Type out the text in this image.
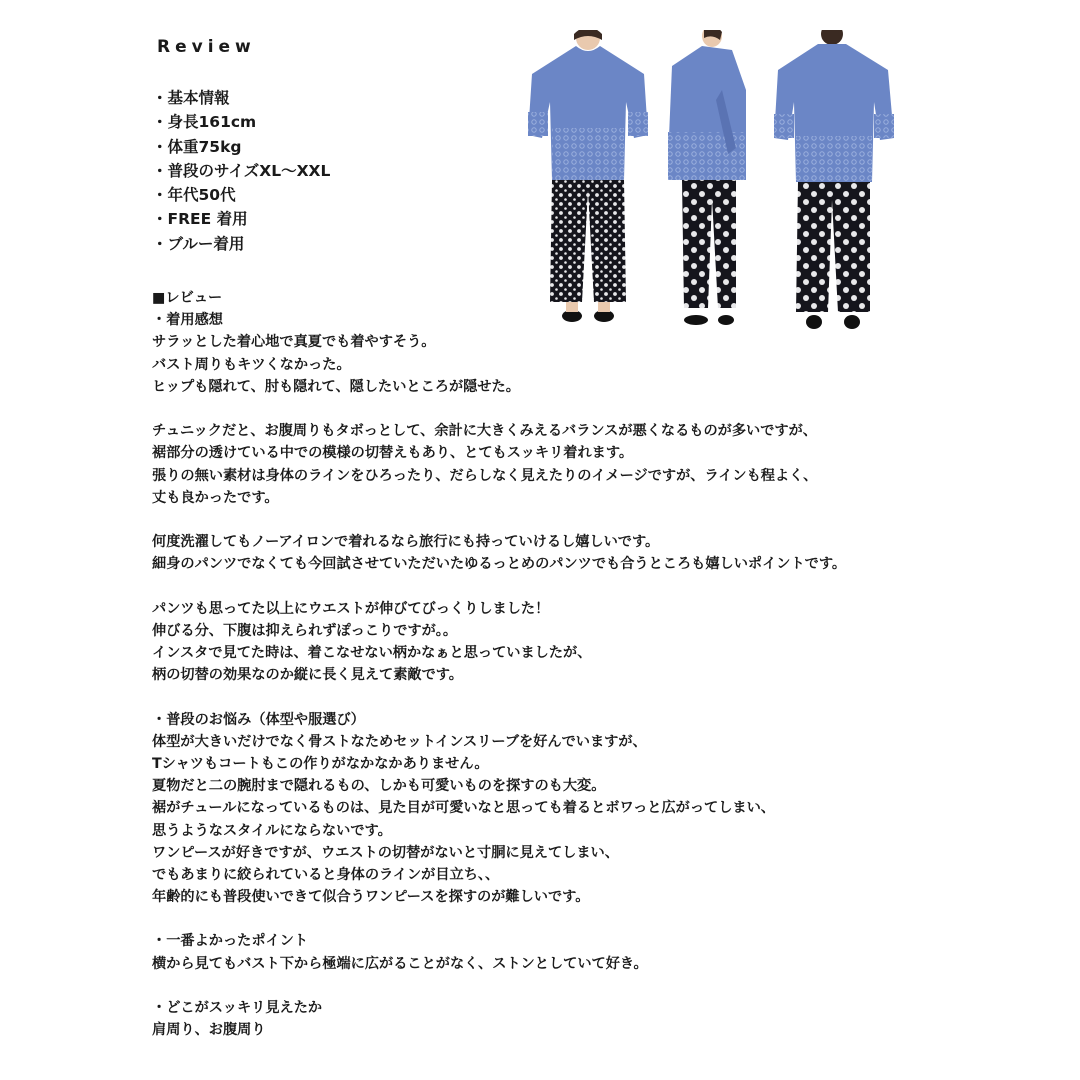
Review
・基本情報
・身長161cm
・体重75kg
・普段のサイズXL～XXL
・年代50代
・FREE 着用
・ブルー着用
■レビュー
・着用感想
サラッとした着心地で真夏でも着やすそう。
バスト周りもキツくなかった。
ヒップも隠れて、肘も隠れて、隠したいところが隠せた。
チュニックだと、お腹周りもタボっとして、余計に大きくみえるバランスが悪くなるものが多いですが、
裾部分の透けている中での模様の切替えもあり、とてもスッキリ着れます。
張りの無い素材は身体のラインをひろったり、だらしなく見えたりのイメージですが、ラインも程よく、
丈も良かったです。
何度洗濯してもノーアイロンで着れるなら旅行にも持っていけるし嬉しいです。
細身のパンツでなくても今回試させていただいたゆるっとめのパンツでも合うところも嬉しいポイントです。
パンツも思ってた以上にウエストが伸びてびっくりしました！
伸びる分、下腹は抑えられずぽっこりですが。。
インスタで見てた時は、着こなせない柄かなぁと思っていましたが、
柄の切替の効果なのか縦に長く見えて素敵です。
・普段のお悩み（体型や服選び）
体型が大きいだけでなく骨ストなためセットインスリーブを好んでいますが、
Tシャツもコートもこの作りがなかなかありません。
夏物だと二の腕肘まで隠れるもの、しかも可愛いものを探すのも大変。
裾がチュールになっているものは、見た目が可愛いなと思っても着るとボワっと広がってしまい、
思うようなスタイルにならないです。
ワンピースが好きですが、ウエストの切替がないと寸胴に見えてしまい、
でもあまりに絞られていると身体のラインが目立ち、、
年齢的にも普段使いできて似合うワンピースを探すのが難しいです。
・一番よかったポイント
横から見てもバスト下から極端に広がることがなく、ストンとしていて好き。
・どこがスッキリ見えたか
肩周り、お腹周り
